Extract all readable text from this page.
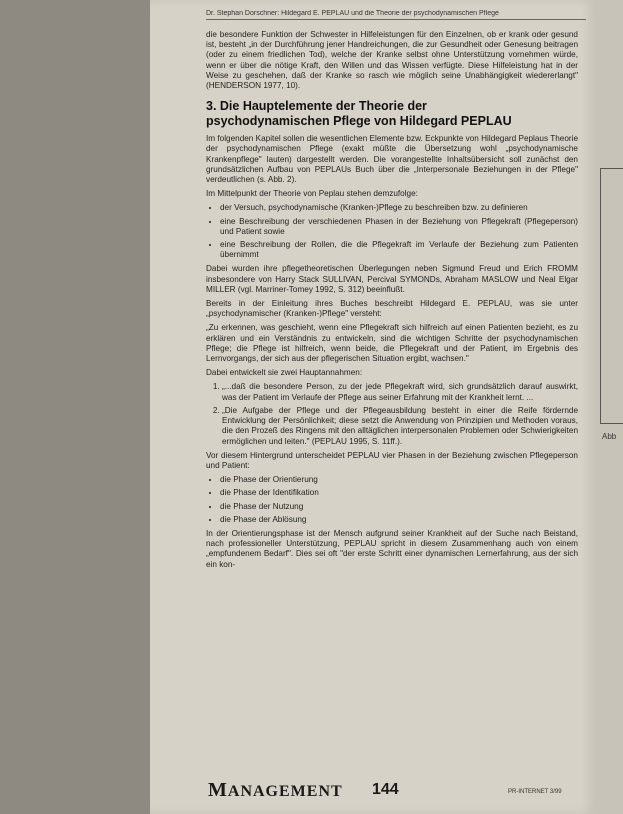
Abb
Dr. Stephan Dorschner: Hildegard E. PEPLAU und die Theorie der psychodynamischen Pflege

die besondere Funktion der Schwester in Hilfeleistungen für den Einzelnen, ob er krank oder gesund ist, besteht „in der Durchführung jener Handreichungen, die zur Gesundheit oder Genesung beitragen (oder zu einem friedlichen Tod), welche der Kranke selbst ohne Unterstützung vornehmen würde, wenn er über die nötige Kraft, den Willen und das Wissen verfügte. Diese Hilfeleistung hat in der Weise zu geschehen, daß der Kranke so rasch wie möglich seine Unabhängigkeit wiedererlangt" (HENDERSON 1977, 10).

3. Die Hauptelemente der Theorie der
psychodynamischen Pflege von Hildegard PEPLAU

Im folgenden Kapitel sollen die wesentlichen Elemente bzw. Eckpunkte von Hildegard Peplaus Theorie der psychodynamischen Pflege (exakt müßte die Übersetzung wohl „psychodynamische Krankenpflege" lauten) dargestellt werden. Die vorangestellte Inhaltsübersicht soll zunächst den grundsätzlichen Aufbau von PEPLAUs Buch über die „Interpersonale Beziehungen in der Pflege" verdeutlichen (s. Abb. 2).

Im Mittelpunkt der Theorie von Peplau stehen demzufolge:

• der Versuch, psychodynamische (Kranken-)Pflege zu beschreiben bzw. zu definieren
• eine Beschreibung der verschiedenen Phasen in der Beziehung von Pflegekraft (Pflegeperson) und Patient sowie
• eine Beschreibung der Rollen, die die Pflegekraft im Verlaufe der Beziehung zum Patienten übernimmt

Dabei wurden ihre pflegetheoretischen Überlegungen neben Sigmund Freud und Erich FROMM insbesondere von Harry Stack SULLIVAN, Percival SYMONDs, Abraham MASLOW und Neal Elgar MILLER (vgl. Marriner-Tomey 1992, S. 312) beeinflußt.

Bereits in der Einleitung ihres Buches beschreibt Hildegard E. PEPLAU, was sie unter „psychodynamischer (Kranken-)Pflege" versteht:

„Zu erkennen, was geschieht, wenn eine Pflegekraft sich hilfreich auf einen Patienten bezieht, es zu erklären und ein Verständnis zu entwickeln, sind die wichtigen Schritte der psychodynamischen Pflege; die Pflege ist hilfreich, wenn beide, die Pflegekraft und der Patient, im Ergebnis des Lernvorgangs, der sich aus der pflegerischen Situation ergibt, wachsen."

Dabei entwickelt sie zwei Hauptannahmen:

1. „...daß die besondere Person, zu der jede Pflegekraft wird, sich grundsätzlich darauf auswirkt, was der Patient im Verlaufe der Pflege aus seiner Erfahrung mit der Krankheit lernt. ...
2. „Die Aufgabe der Pflege und der Pflegeausbildung besteht in einer die Reife fördernde Entwicklung der Persönlichkeit; diese setzt die Anwendung von Prinzipien und Methoden voraus, die den Prozeß des Ringens mit den alltäglichen interpersonalen Problemen oder Schwierigkeiten ermöglichen und leiten." (PEPLAU 1995, S. 11ff.).

Vor diesem Hintergrund unterscheidet PEPLAU vier Phasen in der Beziehung zwischen Pflegeperson und Patient:

• die Phase der Orientierung
• die Phase der Identifikation
• die Phase der Nutzung
• die Phase der Ablösung

In der Orientierungsphase ist der Mensch aufgrund seiner Krankheit auf der Suche nach Beistand, nach professioneller Unterstützung, PEPLAU spricht in diesem Zusammenhang auch von einem „empfundenem Bedarf". Dies sei oft "der erste Schritt einer dynamischen Lernerfahrung, aus der sich ein kon-

MANAGEMENT 144	PR-INTERNET 3/99
